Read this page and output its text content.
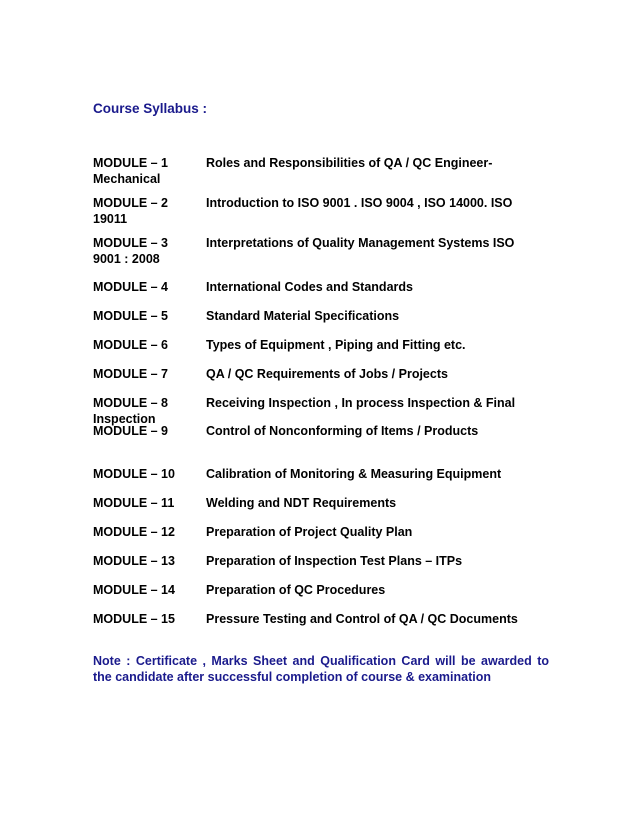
Course Syllabus :
MODULE – 1	Roles and Responsibilities of QA / QC Engineer-
Mechanical
MODULE – 2	Introduction to ISO 9001 . ISO 9004 , ISO 14000. ISO
19011
MODULE – 3	Interpretations of Quality Management Systems ISO
9001 : 2008
MODULE – 4	International Codes and Standards
MODULE – 5	Standard Material Specifications
MODULE – 6	Types of Equipment , Piping and Fitting etc.
MODULE – 7	QA / QC Requirements of Jobs / Projects
MODULE – 8	Receiving Inspection , In process Inspection & Final
Inspection
MODULE – 9	Control of Nonconforming of Items / Products
MODULE – 10 Calibration of Monitoring & Measuring Equipment
MODULE – 11	Welding and NDT Requirements
MODULE – 12 Preparation of Project Quality Plan
MODULE – 13 Preparation of Inspection Test Plans – ITPs
MODULE – 14 Preparation of QC Procedures
MODULE – 15 Pressure Testing and Control of QA / QC Documents
Note : Certificate , Marks Sheet and Qualification Card will be awarded to
the candidate after successful completion of course & examination
